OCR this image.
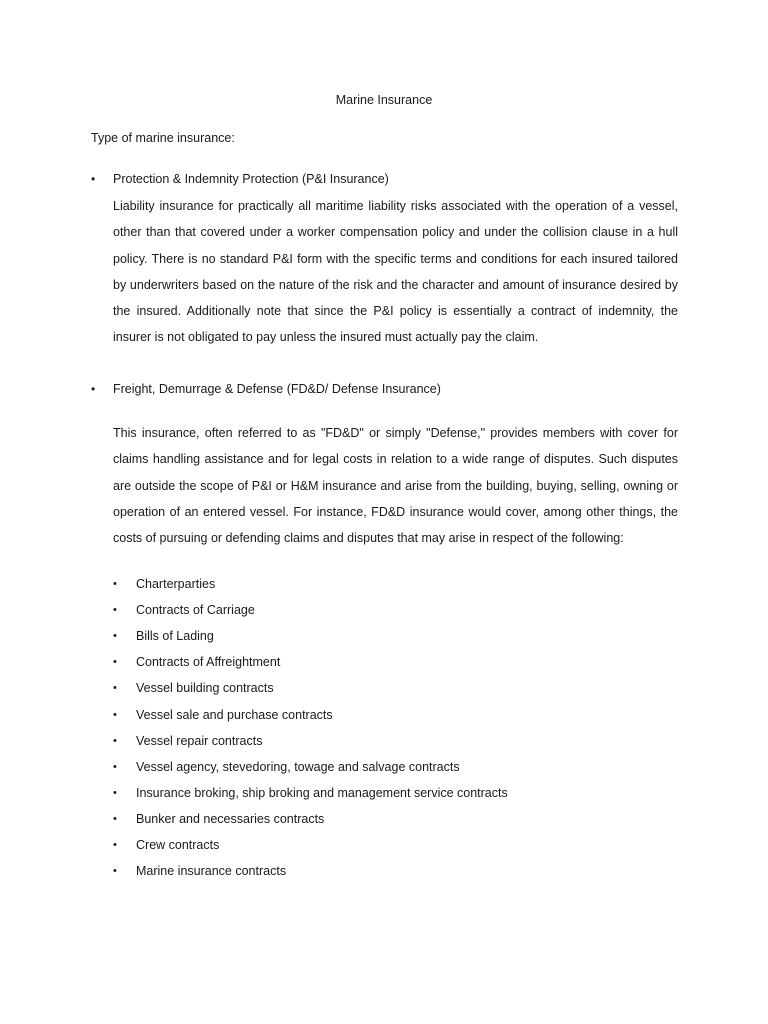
Marine Insurance

Type of marine insurance:

•	Protection & Indemnity Protection (P&I Insurance)

Liability insurance for practically all maritime liability risks associated with the operation of a vessel, other than that covered under a worker compensation policy and under the collision clause in a hull policy. There is no standard P&I form with the specific terms and conditions for each insured tailored by underwriters based on the nature of the risk and the character and amount of insurance desired by the insured. Additionally note that since the P&I policy is essentially a contract of indemnity, the insurer is not obligated to pay unless the insured must actually pay the claim.

•	Freight, Demurrage & Defense (FD&D/ Defense Insurance)

This insurance, often referred to as "FD&D" or simply "Defense," provides members with cover for claims handling assistance and for legal costs in relation to a wide range of disputes. Such disputes are outside the scope of P&I or H&M insurance and arise from the building, buying, selling, owning or operation of an entered vessel. For instance, FD&D insurance would cover, among other things, the costs of pursuing or defending claims and disputes that may arise in respect of the following:

•	Charterparties
•	Contracts of Carriage
•	Bills of Lading
•	Contracts of Affreightment
•	Vessel building contracts
•	Vessel sale and purchase contracts
•	Vessel repair contracts
•	Vessel agency, stevedoring, towage and salvage contracts
•	Insurance broking, ship broking and management service contracts
•	Bunker and necessaries contracts
•	Crew contracts
•	Marine insurance contracts
